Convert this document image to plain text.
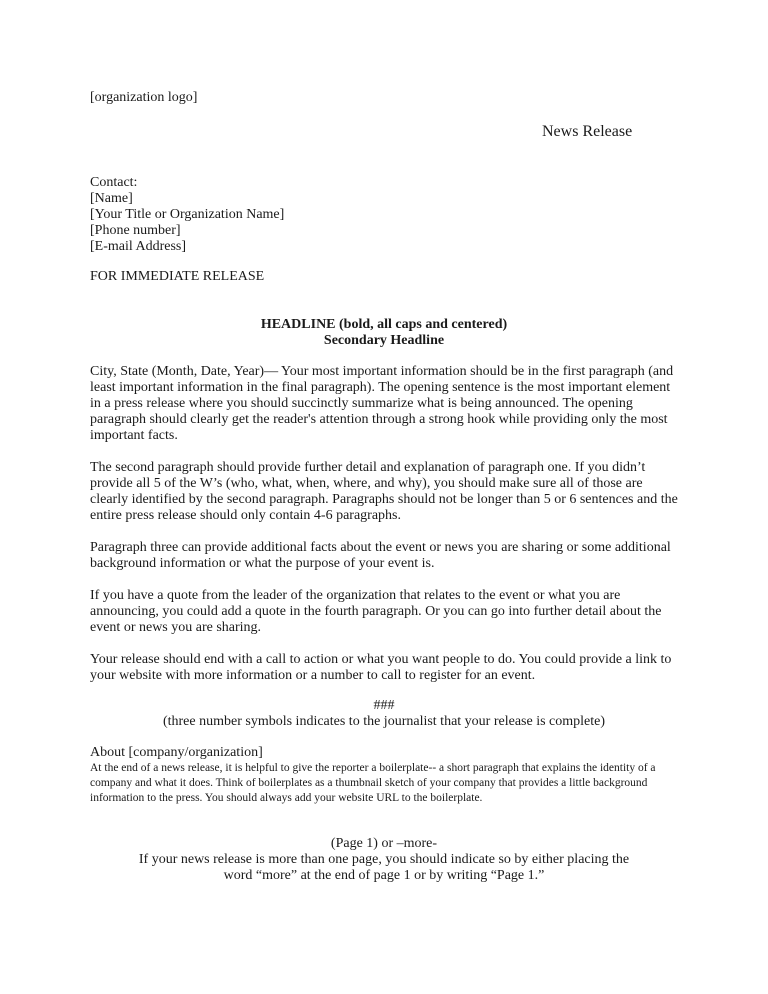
[organization logo]
News Release
Contact:
[Name]
[Your Title or Organization Name]
[Phone number]
[E-mail Address]
FOR IMMEDIATE RELEASE
HEADLINE (bold, all caps and centered)
Secondary Headline

City, State (Month, Date, Year)— Your most important information should be in the first paragraph (and least important information in the final paragraph). The opening sentence is the most important element in a press release where you should succinctly summarize what is being announced. The opening paragraph should clearly get the reader's attention through a strong hook while providing only the most important facts.

The second paragraph should provide further detail and explanation of paragraph one. If you didn’t provide all 5 of the W’s (who, what, when, where, and why), you should make sure all of those are clearly identified by the second paragraph. Paragraphs should not be longer than 5 or 6 sentences and the entire press release should only contain 4-6 paragraphs.

Paragraph three can provide additional facts about the event or news you are sharing or some additional background information or what the purpose of your event is.

If you have a quote from the leader of the organization that relates to the event or what you are announcing, you could add a quote in the fourth paragraph. Or you can go into further detail about the event or news you are sharing.

Your release should end with a call to action or what you want people to do. You could provide a link to your website with more information or a number to call to register for an event.

###
(three number symbols indicates to the journalist that your release is complete)
About [company/organization]

At the end of a news release, it is helpful to give the reporter a boilerplate-- a short paragraph that explains the identity of a company and what it does. Think of boilerplates as a thumbnail sketch of your company that provides a little background information to the press. You should always add your website URL to the boilerplate.

(Page 1) or –more-
If your news release is more than one page, you should indicate so by either placing the word “more” at the end of page 1 or by writing “Page 1.”
